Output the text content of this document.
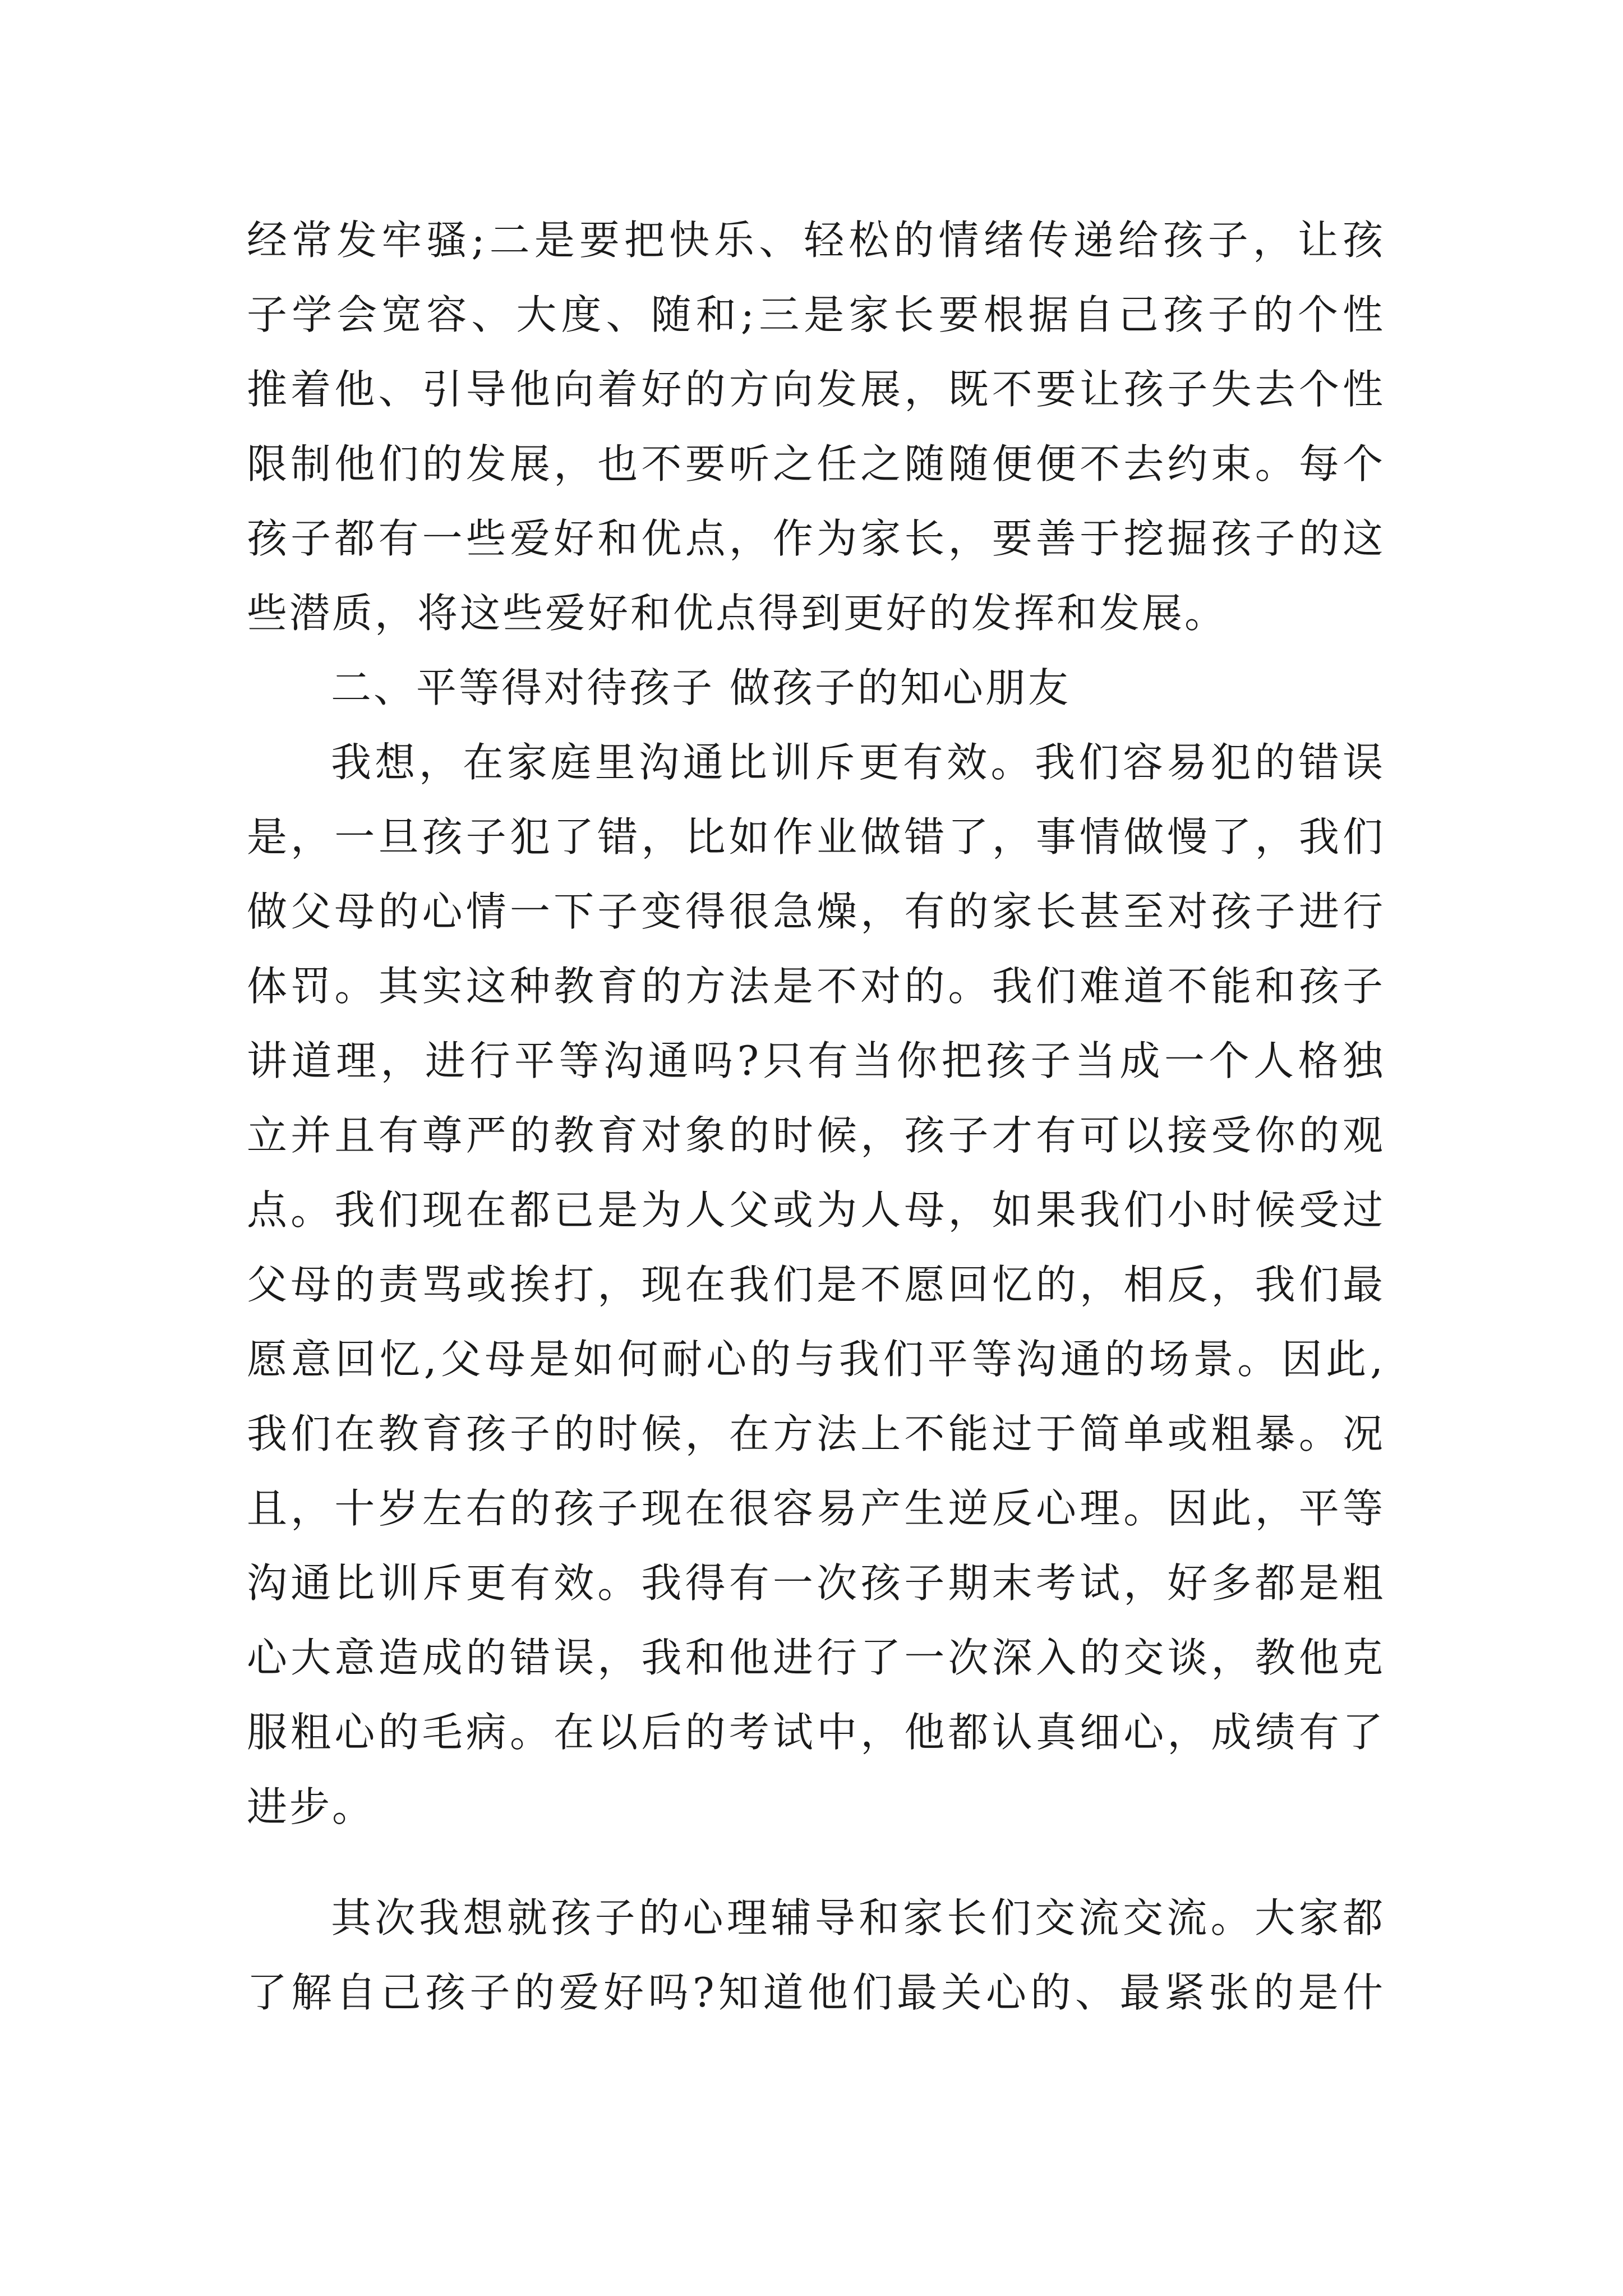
经常发牢骚;二是要把快乐、轻松的情绪传递给孩子，让孩
子学会宽容、大度、随和;三是家长要根据自己孩子的个性
推着他、引导他向着好的方向发展，既不要让孩子失去个性
限制他们的发展，也不要听之任之随随便便不去约束。每个
孩子都有一些爱好和优点，作为家长，要善于挖掘孩子的这
些潜质，将这些爱好和优点得到更好的发挥和发展。
二、平等得对待孩子 做孩子的知心朋友
我想，在家庭里沟通比训斥更有效。我们容易犯的错误
是，一旦孩子犯了错，比如作业做错了，事情做慢了，我们
做父母的心情一下子变得很急燥，有的家长甚至对孩子进行
体罚。其实这种教育的方法是不对的。我们难道不能和孩子
讲道理，进行平等沟通吗?只有当你把孩子当成一个人格独
立并且有尊严的教育对象的时候，孩子才有可以接受你的观
点。我们现在都已是为人父或为人母，如果我们小时候受过
父母的责骂或挨打，现在我们是不愿回忆的，相反，我们最
愿意回忆,父母是如何耐心的与我们平等沟通的场景。因此,
我们在教育孩子的时候，在方法上不能过于简单或粗暴。况
且，十岁左右的孩子现在很容易产生逆反心理。因此，平等
沟通比训斥更有效。我得有一次孩子期末考试，好多都是粗
心大意造成的错误，我和他进行了一次深入的交谈，教他克
服粗心的毛病。在以后的考试中，他都认真细心，成绩有了
进步。
其次我想就孩子的心理辅导和家长们交流交流。大家都
了解自己孩子的爱好吗?知道他们最关心的、最紧张的是什
